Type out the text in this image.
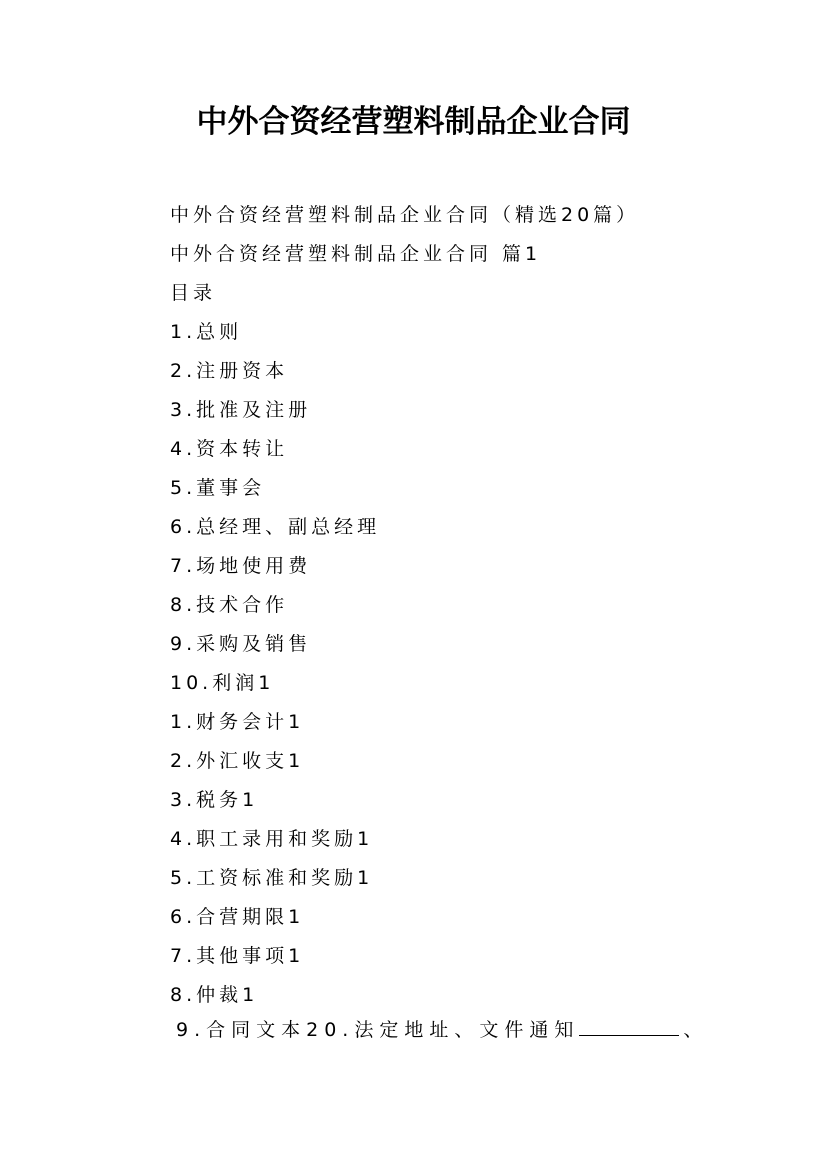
中外合资经营塑料制品企业合同
中外合资经营塑料制品企业合同（精选20篇）
中外合资经营塑料制品企业合同 篇1
目录
1.总则
2.注册资本
3.批准及注册
4.资本转让
5.董事会
6.总经理、副总经理
7.场地使用费
8.技术合作
9.采购及销售
10.利润1
1.财务会计1
2.外汇收支1
3.税务1
4.职工录用和奖励1
5.工资标准和奖励1
6.合营期限1
7.其他事项1
8.仲裁1

9.合同文本20.法定地址、文件通知	、
